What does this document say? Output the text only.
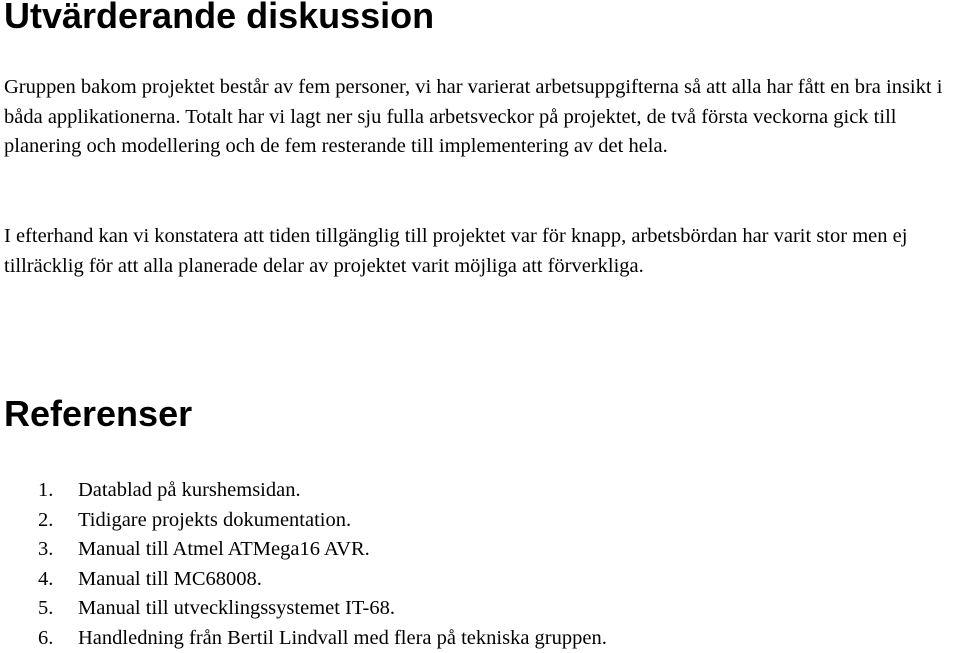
Utvärderande diskussion

Gruppen bakom projektet består av fem personer, vi har varierat arbetsuppgifterna så att alla har fått en bra insikt i båda applikationerna. Totalt har vi lagt ner sju fulla arbetsveckor på projektet, de två första veckorna gick till planering och modellering och de fem resterande till implementering av det hela.

I efterhand kan vi konstatera att tiden tillgänglig till projektet var för knapp, arbetsbördan har varit stor men ej tillräcklig för att alla planerade delar av projektet varit möjliga att förverkliga.

Referenser
1. Datablad på kurshemsidan.
2. Tidigare projekts dokumentation.
3. Manual till Atmel ATMega16 AVR.
4. Manual till MC68008.
5. Manual till utvecklingssystemet IT-68.
6. Handledning från Bertil Lindvall med flera på tekniska gruppen.
